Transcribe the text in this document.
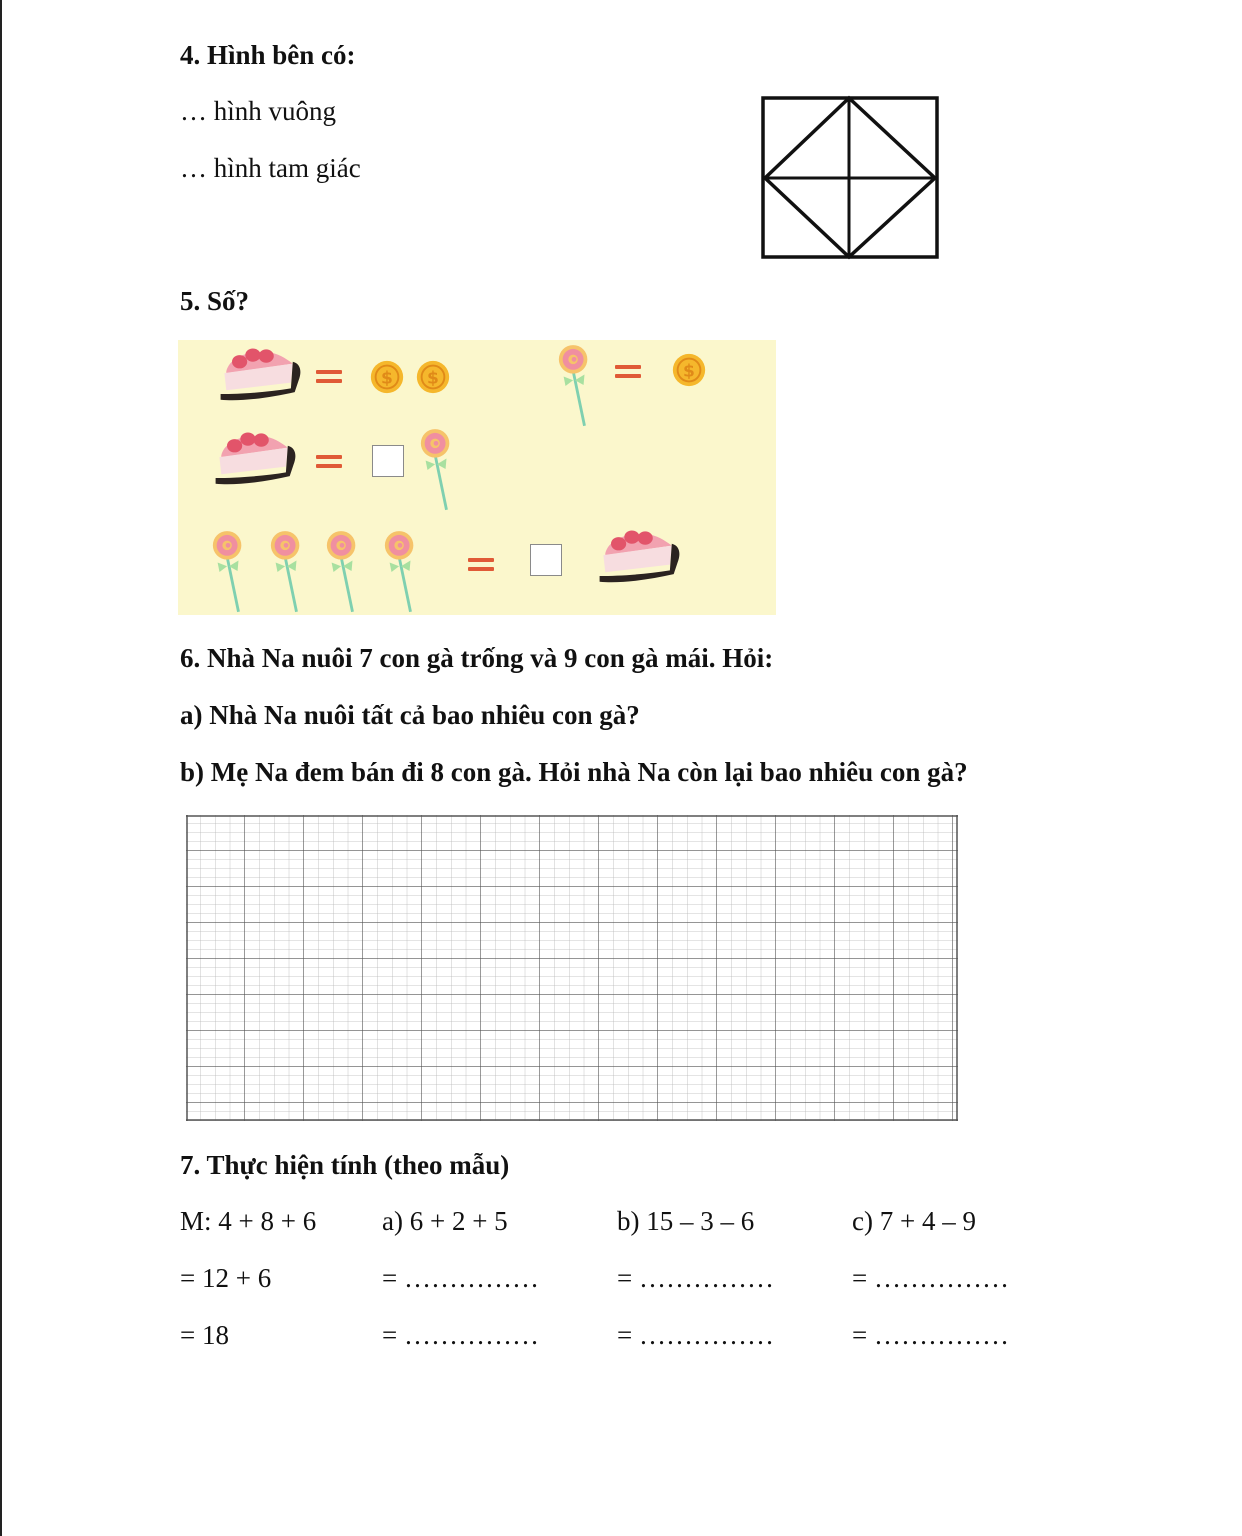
4. Hình bên có:
… hình vuông
… hình tam giác
5. Số?
6. Nhà Na nuôi 7 con gà trống và 9 con gà mái. Hỏi:
a) Nhà Na nuôi tất cả bao nhiêu con gà?
b) Mẹ Na đem bán đi 8 con gà. Hỏi nhà Na còn lại bao nhiêu con gà?
7. Thực hiện tính (theo mẫu)
M: 4 + 8 + 6
= 12 + 6
= 18
a) 6 + 2 + 5
= ……………
= ……………
b) 15 – 3 – 6
= ……………
= ……………
c) 7 + 4 – 9
= ……………
= ……………
